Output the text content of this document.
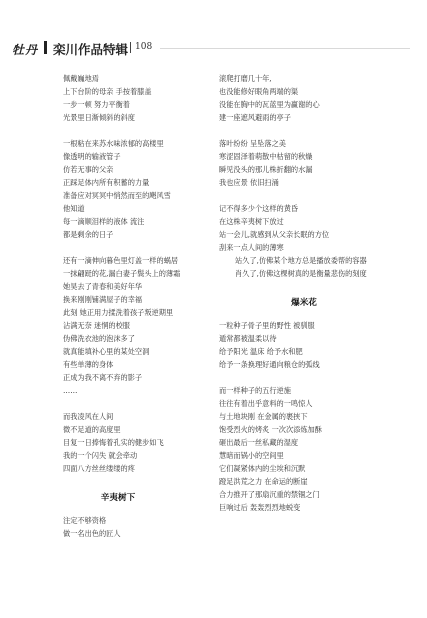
牡丹 栾川作品特辑 108
佩戴巍地焉
上下台阶的母亲 手按着膝盖
一步一顿 努力平衡着
光景里日渐倾斜的斜度
一根粘在来苏水味浓郁的高楼里
像透明的输液管子
仿若无事的父亲
正踩足体内所有积蓄的力量
准备应对冥冥中悄然而至的飓风雪
他知道
每一滴顺泪样的液体 流注
都是剩余的日子
还有一滴伸向暮色里灯盖一样的蜗居
一抹翩跹的花,漏白妻子鬓头上的薄霜
她昊去了青春和美好年华
换来刚刚铺满屋子的幸福
此刻 她正用力揉洗着孩子叛逆期里
沾满无奈 迷惘的校服
伪佛洗衣池的泡沫多了
就真能填补心里的某处空洞
有些单薄的身体
正成为我不离不弃的影子
……
而我凌风在人间
微不足道的高度里
目复一日捧悔着孔实的健步如飞
我的一个闪失 就会牵动
四面八方丝丝缕缕的疼
辛夷树下
注定不够资格
做一名出色的匠人
滚爬打磨几十年,
也没能修好眼角两端的渠
没能在胸中的瓦蓝里为赢谢的心
建一座遮风避雨的亭子
落叶纷纷 呈坠落之美
寒涩固泽着萌散中枯留的秋燥
瞬见没头的那儿株折翻的水漏
我也应景 依旧扫涌
记不得多少个这样的黄昏
在这株辛夷树下放过
站一会儿,就感到从父亲长眠的方位
刮来一点人间的薄寒
站久了,仿佛某个地方总是播放委帮的容器
肖久了,仿佛这棵树真的是衡量悲伤的刻度
爆米花
一粒种子骨子里的野性 被驯服
遁常都被温柔以待
给予阳光 温床 给予水和肥
给予一条换理好通向粮仓的弧线
而一样种子的五行逆施
往往有着出乎意料的一鸣惊人
与土地块刚 在金属的裹挟下
饱受烈火的烤炙 一次次添炼加酥
砸出最后一丝私藏的湿度
慧暗而锅小的空间里
它们凝紧体内的尘埃和沉默
蹬足洪荒之力 在命运的断崖
合力推开了那扇沉重的禁锢之门
巨响过后 轰轰烈烈地蜕变
